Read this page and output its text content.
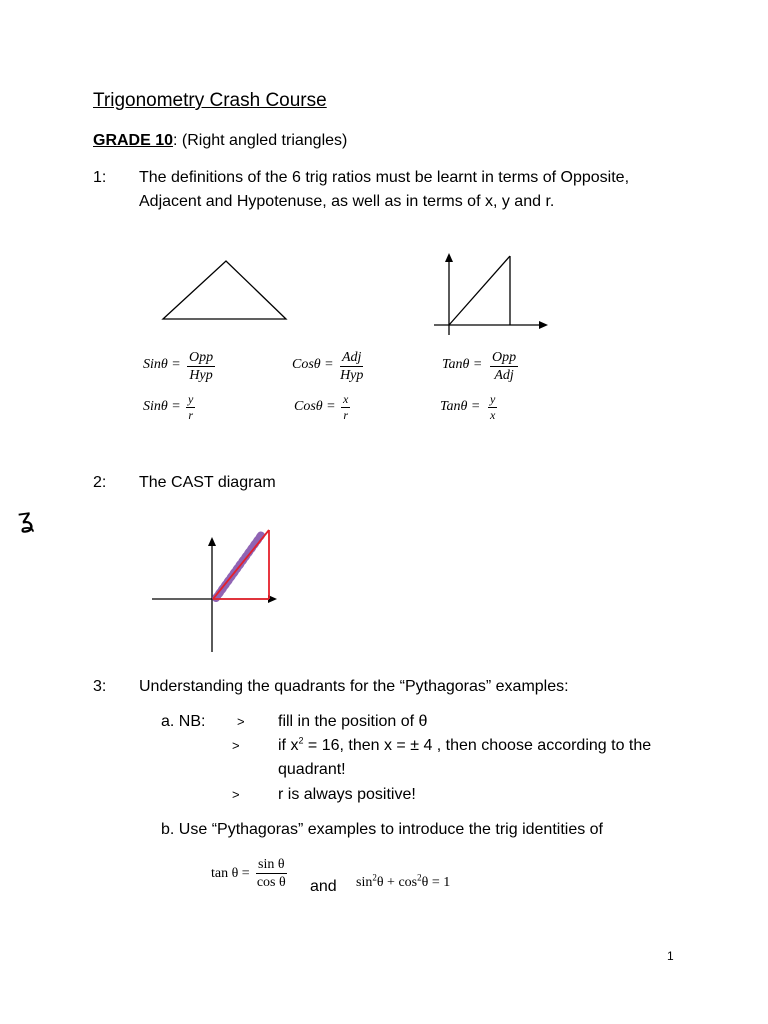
Trigonometry Crash Course
GRADE 10: (Right angled triangles)
1: The definitions of the 6 trig ratios must be learnt in terms of Opposite,
Adjacent and Hypotenuse, as well as in terms of x, y and r.
Sinθ = Opp
Hyp
Cosθ = Adj
Hyp
Tanθ = Opp
Adj
$Sin\theta = \frac{y}{r}$	$Cos\theta = \frac{x}{r}$	$Tan\theta = \frac{y}{x}$
2: The CAST diagram
ʓ
3: Understanding the quadrants for the “Pythagoras” examples:
a. NB: > fill in the position of θ
> if $x^2 = 16$, then x = ± 4 , then choose according to the
quadrant!
> r is always positive!
b. Use “Pythagoras” examples to introduce the trig identities of
$\tan \theta = \frac{\text{sin θ}}{\text{cos θ}}$ and $\sin^2\theta + \cos^2\theta = 1$
1
